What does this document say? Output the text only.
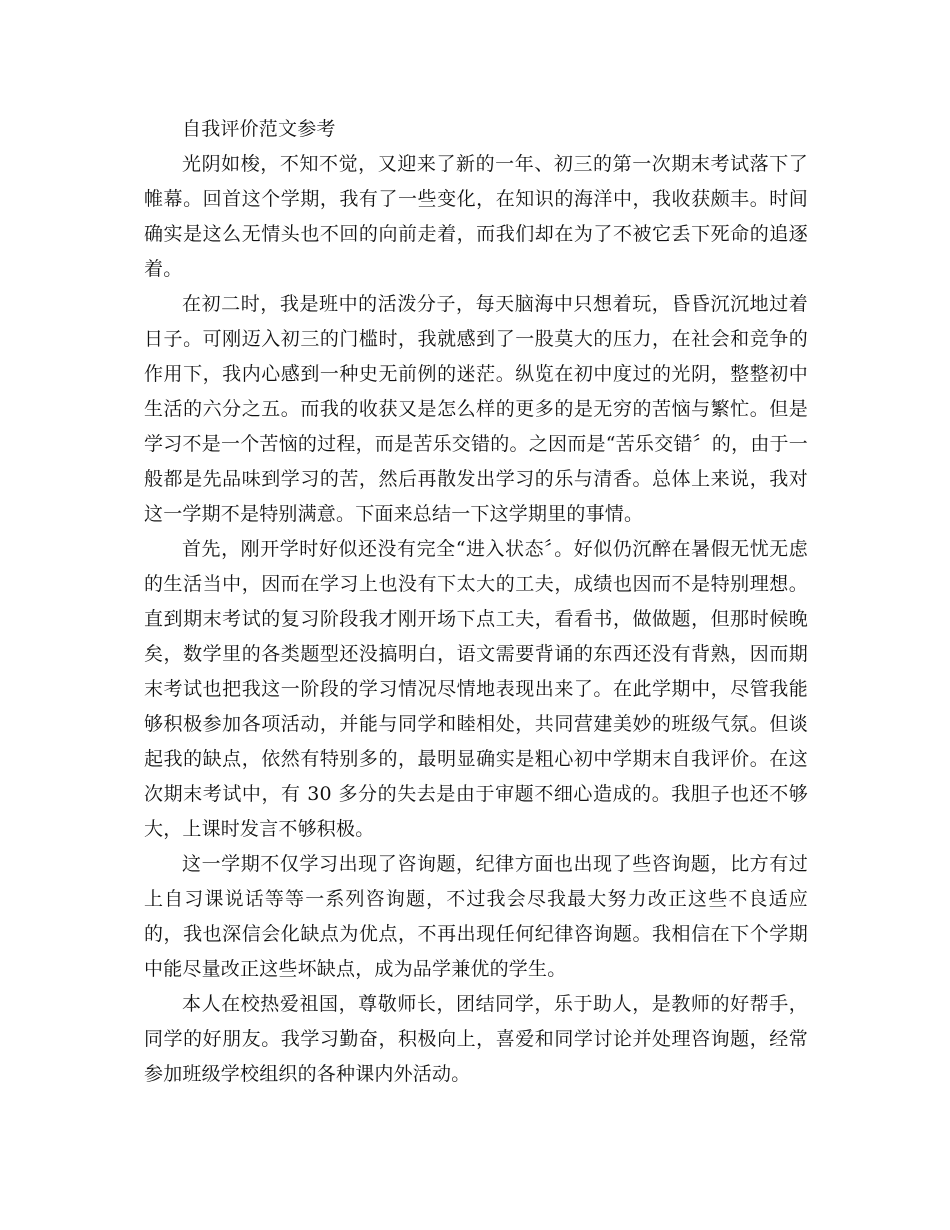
自我评价范文参考

光阴如梭，不知不觉，又迎来了新的一年、初三的第一次期末考试落下了帷幕。回首这个学期，我有了一些变化，在知识的海洋中，我收获颇丰。时间确实是这么无情头也不回的向前走着，而我们却在为了不被它丢下死命的追逐着。

在初二时，我是班中的活泼分子，每天脑海中只想着玩，昏昏沉沉地过着日子。可刚迈入初三的门槛时，我就感到了一股莫大的压力，在社会和竞争的作用下，我内心感到一种史无前例的迷茫。纵览在初中度过的光阴，整整初中生活的六分之五。而我的收获又是怎么样的更多的是无穷的苦恼与繁忙。但是学习不是一个苦恼的过程，而是苦乐交错的。之因而是“苦乐交错〞的，由于一般都是先品味到学习的苦，然后再散发出学习的乐与清香。总体上来说，我对这一学期不是特别满意。下面来总结一下这学期里的事情。

首先，刚开学时好似还没有完全“进入状态〞。好似仍沉醉在暑假无忧无虑的生活当中，因而在学习上也没有下太大的工夫，成绩也因而不是特别理想。直到期末考试的复习阶段我才刚开场下点工夫，看看书，做做题，但那时候晚矣，数学里的各类题型还没搞明白，语文需要背诵的东西还没有背熟，因而期末考试也把我这一阶段的学习情况尽情地表现出来了。在此学期中，尽管我能够积极参加各项活动，并能与同学和睦相处，共同营建美妙的班级气氛。但谈起我的缺点，依然有特别多的，最明显确实是粗心初中学期末自我评价。在这次期末考试中，有 30 多分的失去是由于审题不细心造成的。我胆子也还不够大，上课时发言不够积极。

这一学期不仅学习出现了咨询题，纪律方面也出现了些咨询题，比方有过上自习课说话等等一系列咨询题，不过我会尽我最大努力改正这些不良适应的，我也深信会化缺点为优点，不再出现任何纪律咨询题。我相信在下个学期中能尽量改正这些坏缺点，成为品学兼优的学生。

本人在校热爱祖国，尊敬师长，团结同学，乐于助人，是教师的好帮手，同学的好朋友。我学习勤奋，积极向上，喜爱和同学讨论并处理咨询题，经常参加班级学校组织的各种课内外活动。
